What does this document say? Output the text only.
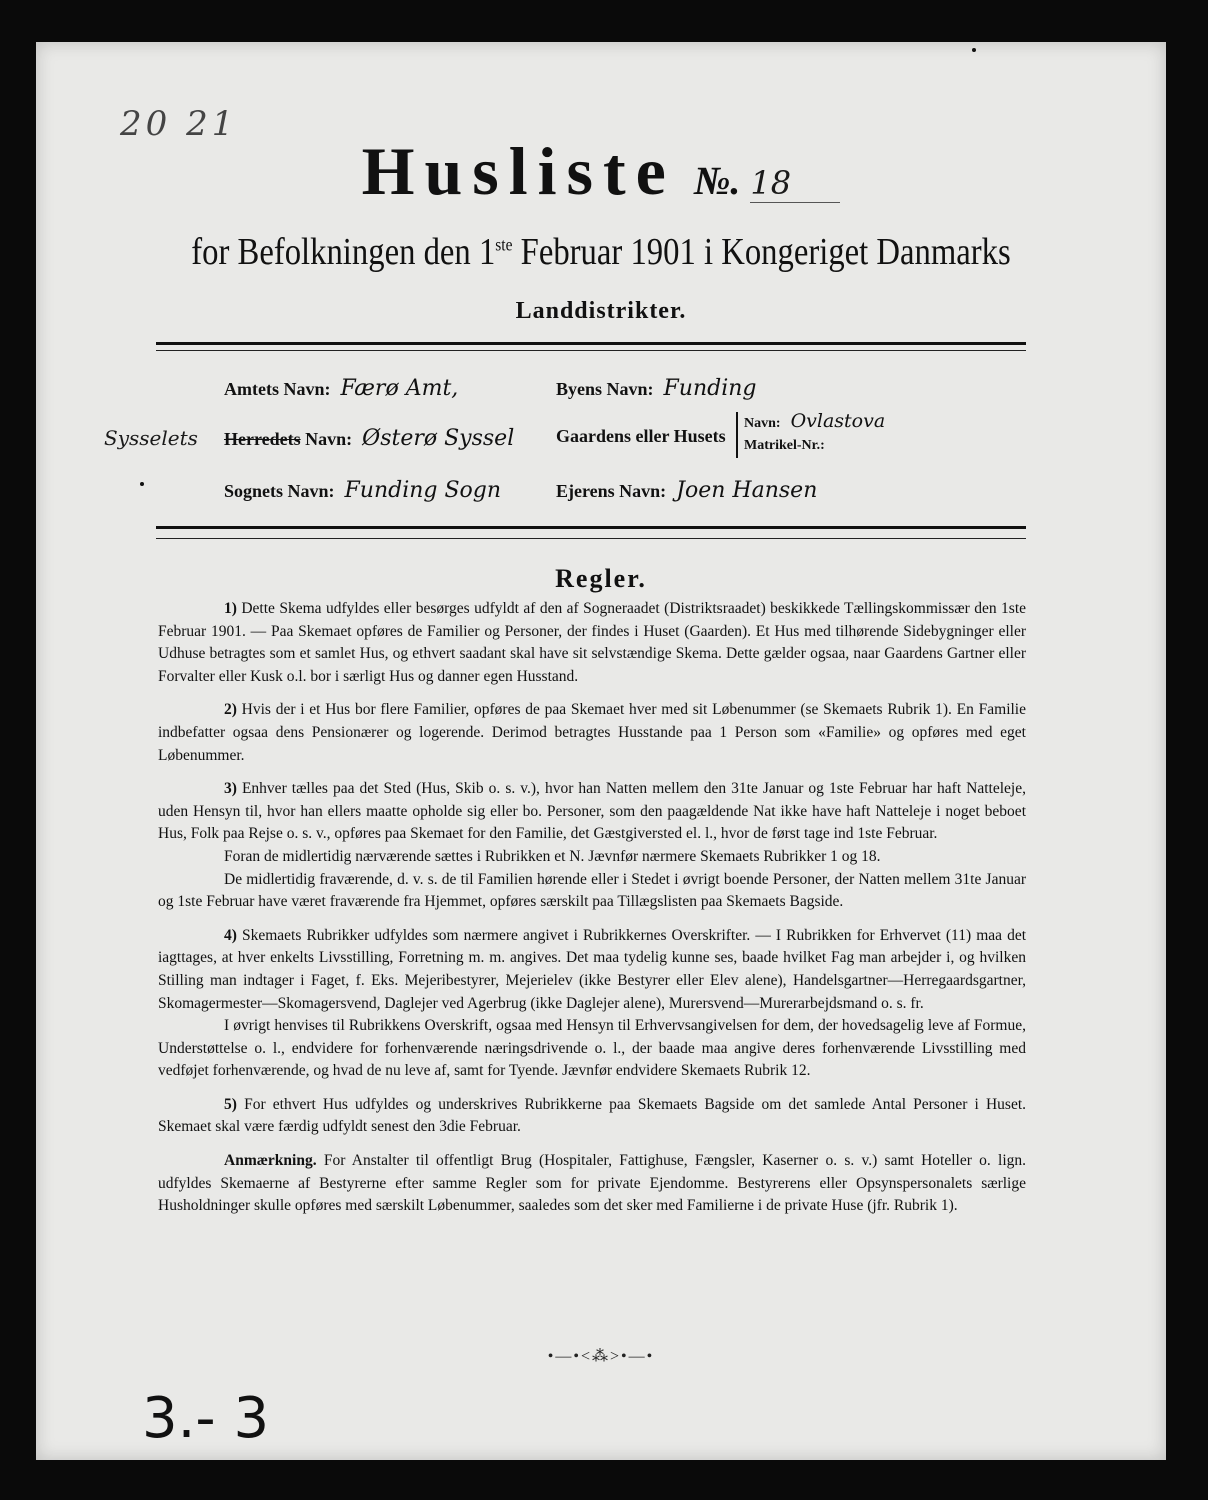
20 21
Husliste №. 18
for Befolkningen den 1ste Februar 1901 i Kongeriget Danmarks
Landdistrikter.
Amtets Navn: Færø Amt,
Sysselets Herredets Navn: Østerø Syssel
Sognets Navn: Funding Sogn
Byens Navn: Funding
Gaardens eller Husets
Navn: Ovlastova
Matrikel-Nr.:
Ejerens Navn: Joen Hansen
Regler.

1) Dette Skema udfyldes eller besørges udfyldt af den af Sogneraadet (Distriktsraadet) beskikkede Tællingskommissær den 1ste Februar 1901. — Paa Skemaet opføres de Familier og Personer, der findes i Huset (Gaarden). Et Hus med tilhørende Sidebygninger eller Udhuse betragtes som et samlet Hus, og ethvert saadant skal have sit selvstændige Skema. Dette gælder ogsaa, naar Gaardens Gartner eller Forvalter eller Kusk o.l. bor i særligt Hus og danner egen Husstand.

2) Hvis der i et Hus bor flere Familier, opføres de paa Skemaet hver med sit Løbenummer (se Skemaets Rubrik 1). En Familie indbefatter ogsaa dens Pensionærer og logerende. Derimod betragtes Husstande paa 1 Person som «Familie» og opføres med eget Løbenummer.

3) Enhver tælles paa det Sted (Hus, Skib o. s. v.), hvor han Natten mellem den 31te Januar og 1ste Februar har haft Natteleje, uden Hensyn til, hvor han ellers maatte opholde sig eller bo. Personer, som den paagældende Nat ikke have haft Natteleje i noget beboet Hus, Folk paa Rejse o. s. v., opføres paa Skemaet for den Familie, det Gæstgiversted el. l., hvor de først tage ind 1ste Februar.

Foran de midlertidig nærværende sættes i Rubrikken et N. Jævnfør nærmere Skemaets Rubrikker 1 og 18.

De midlertidig fraværende, d. v. s. de til Familien hørende eller i Stedet i øvrigt boende Personer, der Natten mellem 31te Januar og 1ste Februar have været fraværende fra Hjemmet, opføres særskilt paa Tillægslisten paa Skemaets Bagside.

4) Skemaets Rubrikker udfyldes som nærmere angivet i Rubrikkernes Overskrifter. — I Rubrikken for Erhvervet (11) maa det iagttages, at hver enkelts Livsstilling, Forretning m. m. angives. Det maa tydelig kunne ses, baade hvilket Fag man arbejder i, og hvilken Stilling man indtager i Faget, f. Eks. Mejeribestyrer, Mejerielev (ikke Bestyrer eller Elev alene), Handelsgartner—Herregaardsgartner, Skomagermester—Skomagersvend, Daglejer ved Agerbrug (ikke Daglejer alene), Murersvend—Murerarbejdsmand o. s. fr.

I øvrigt henvises til Rubrikkens Overskrift, ogsaa med Hensyn til Erhvervsangivelsen for dem, der hovedsagelig leve af Formue, Understøttelse o. l., endvidere for forhenværende næringsdrivende o. l., der baade maa angive deres forhenværende Livsstilling med vedføjet forhenværende, og hvad de nu leve af, samt for Tyende. Jævnfør endvidere Skemaets Rubrik 12.

5) For ethvert Hus udfyldes og underskrives Rubrikkerne paa Skemaets Bagside om det samlede Antal Personer i Huset. Skemaet skal være færdig udfyldt senest den 3die Februar.

Anmærkning. For Anstalter til offentligt Brug (Hospitaler, Fattighuse, Fængsler, Kaserner o. s. v.) samt Hoteller o. lign. udfyldes Skemaerne af Bestyrerne efter samme Regler som for private Ejendomme. Bestyrerens eller Opsynspersonalets særlige Husholdninger skulle opføres med særskilt Løbenummer, saaledes som det sker med Familierne i de private Huse (jfr. Rubrik 1).

•—•<⁂>•—•
3.- 3
